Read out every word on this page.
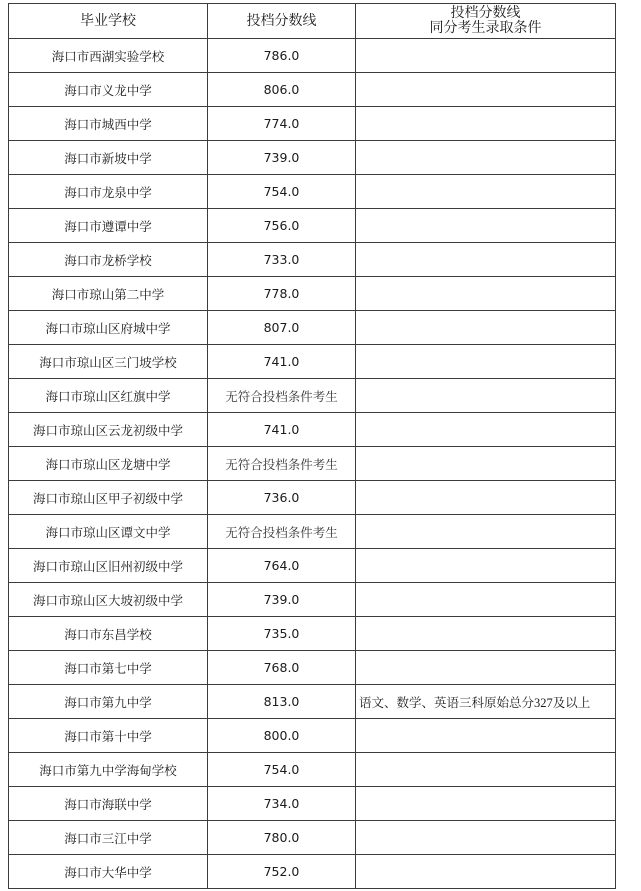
毕业学校	投档分数线	投档分数线
同分考生录取条件

海口市西湖实验学校	786.0	
海口市义龙中学	806.0	
海口市城西中学	774.0	
海口市新坡中学	739.0	
海口市龙泉中学	754.0	
海口市遵谭中学	756.0	
海口市龙桥学校	733.0	
海口市琼山第二中学	778.0	
海口市琼山区府城中学	807.0	
海口市琼山区三门坡学校	741.0	
海口市琼山区红旗中学	无符合投档条件考生	
海口市琼山区云龙初级中学	741.0	
海口市琼山区龙塘中学	无符合投档条件考生	
海口市琼山区甲子初级中学	736.0	
海口市琼山区谭文中学	无符合投档条件考生	
海口市琼山区旧州初级中学	764.0	
海口市琼山区大坡初级中学	739.0	
海口市东昌学校	735.0	
海口市第七中学	768.0	
海口市第九中学	813.0	语文、数学、英语三科原始总分327及以上
海口市第十中学	800.0	
海口市第九中学海甸学校	754.0	
海口市海联中学	734.0	
海口市三江中学	780.0	
海口市大华中学	752.0	
